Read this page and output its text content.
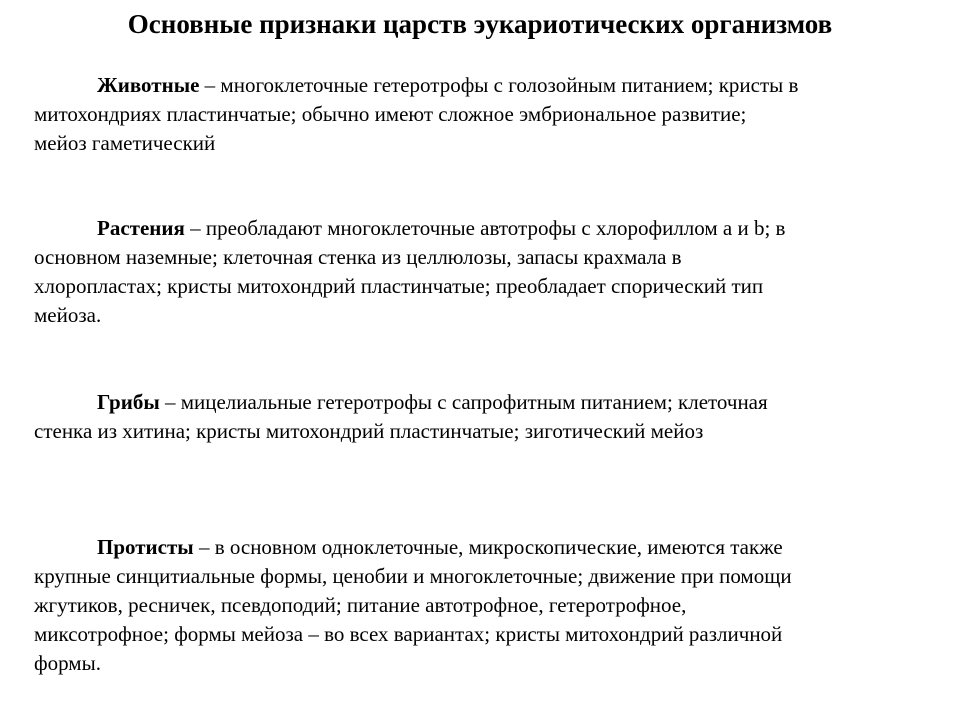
Основные признаки царств эукариотических организмов

Животные – многоклеточные гетеротрофы с голозойным питанием; кристы в митохондриях пластинчатые; обычно имеют сложное эмбриональное развитие; мейоз гаметический

Растения – преобладают многоклеточные автотрофы с хлорофиллом а и b; в основном наземные; клеточная стенка из целлюлозы, запасы крахмала в хлоропластах; кристы митохондрий пластинчатые; преобладает спорический тип мейоза.

Грибы – мицелиальные гетеротрофы с сапрофитным питанием; клеточная стенка из хитина; кристы митохондрий пластинчатые; зиготический мейоз

Протисты – в основном одноклеточные, микроскопические, имеются также крупные синцитиальные формы, ценобии и многоклеточные; движение при помощи жгутиков, ресничек, псевдоподий; питание автотрофное, гетеротрофное, миксотрофное; формы мейоза – во всех вариантах; кристы митохондрий различной формы.
